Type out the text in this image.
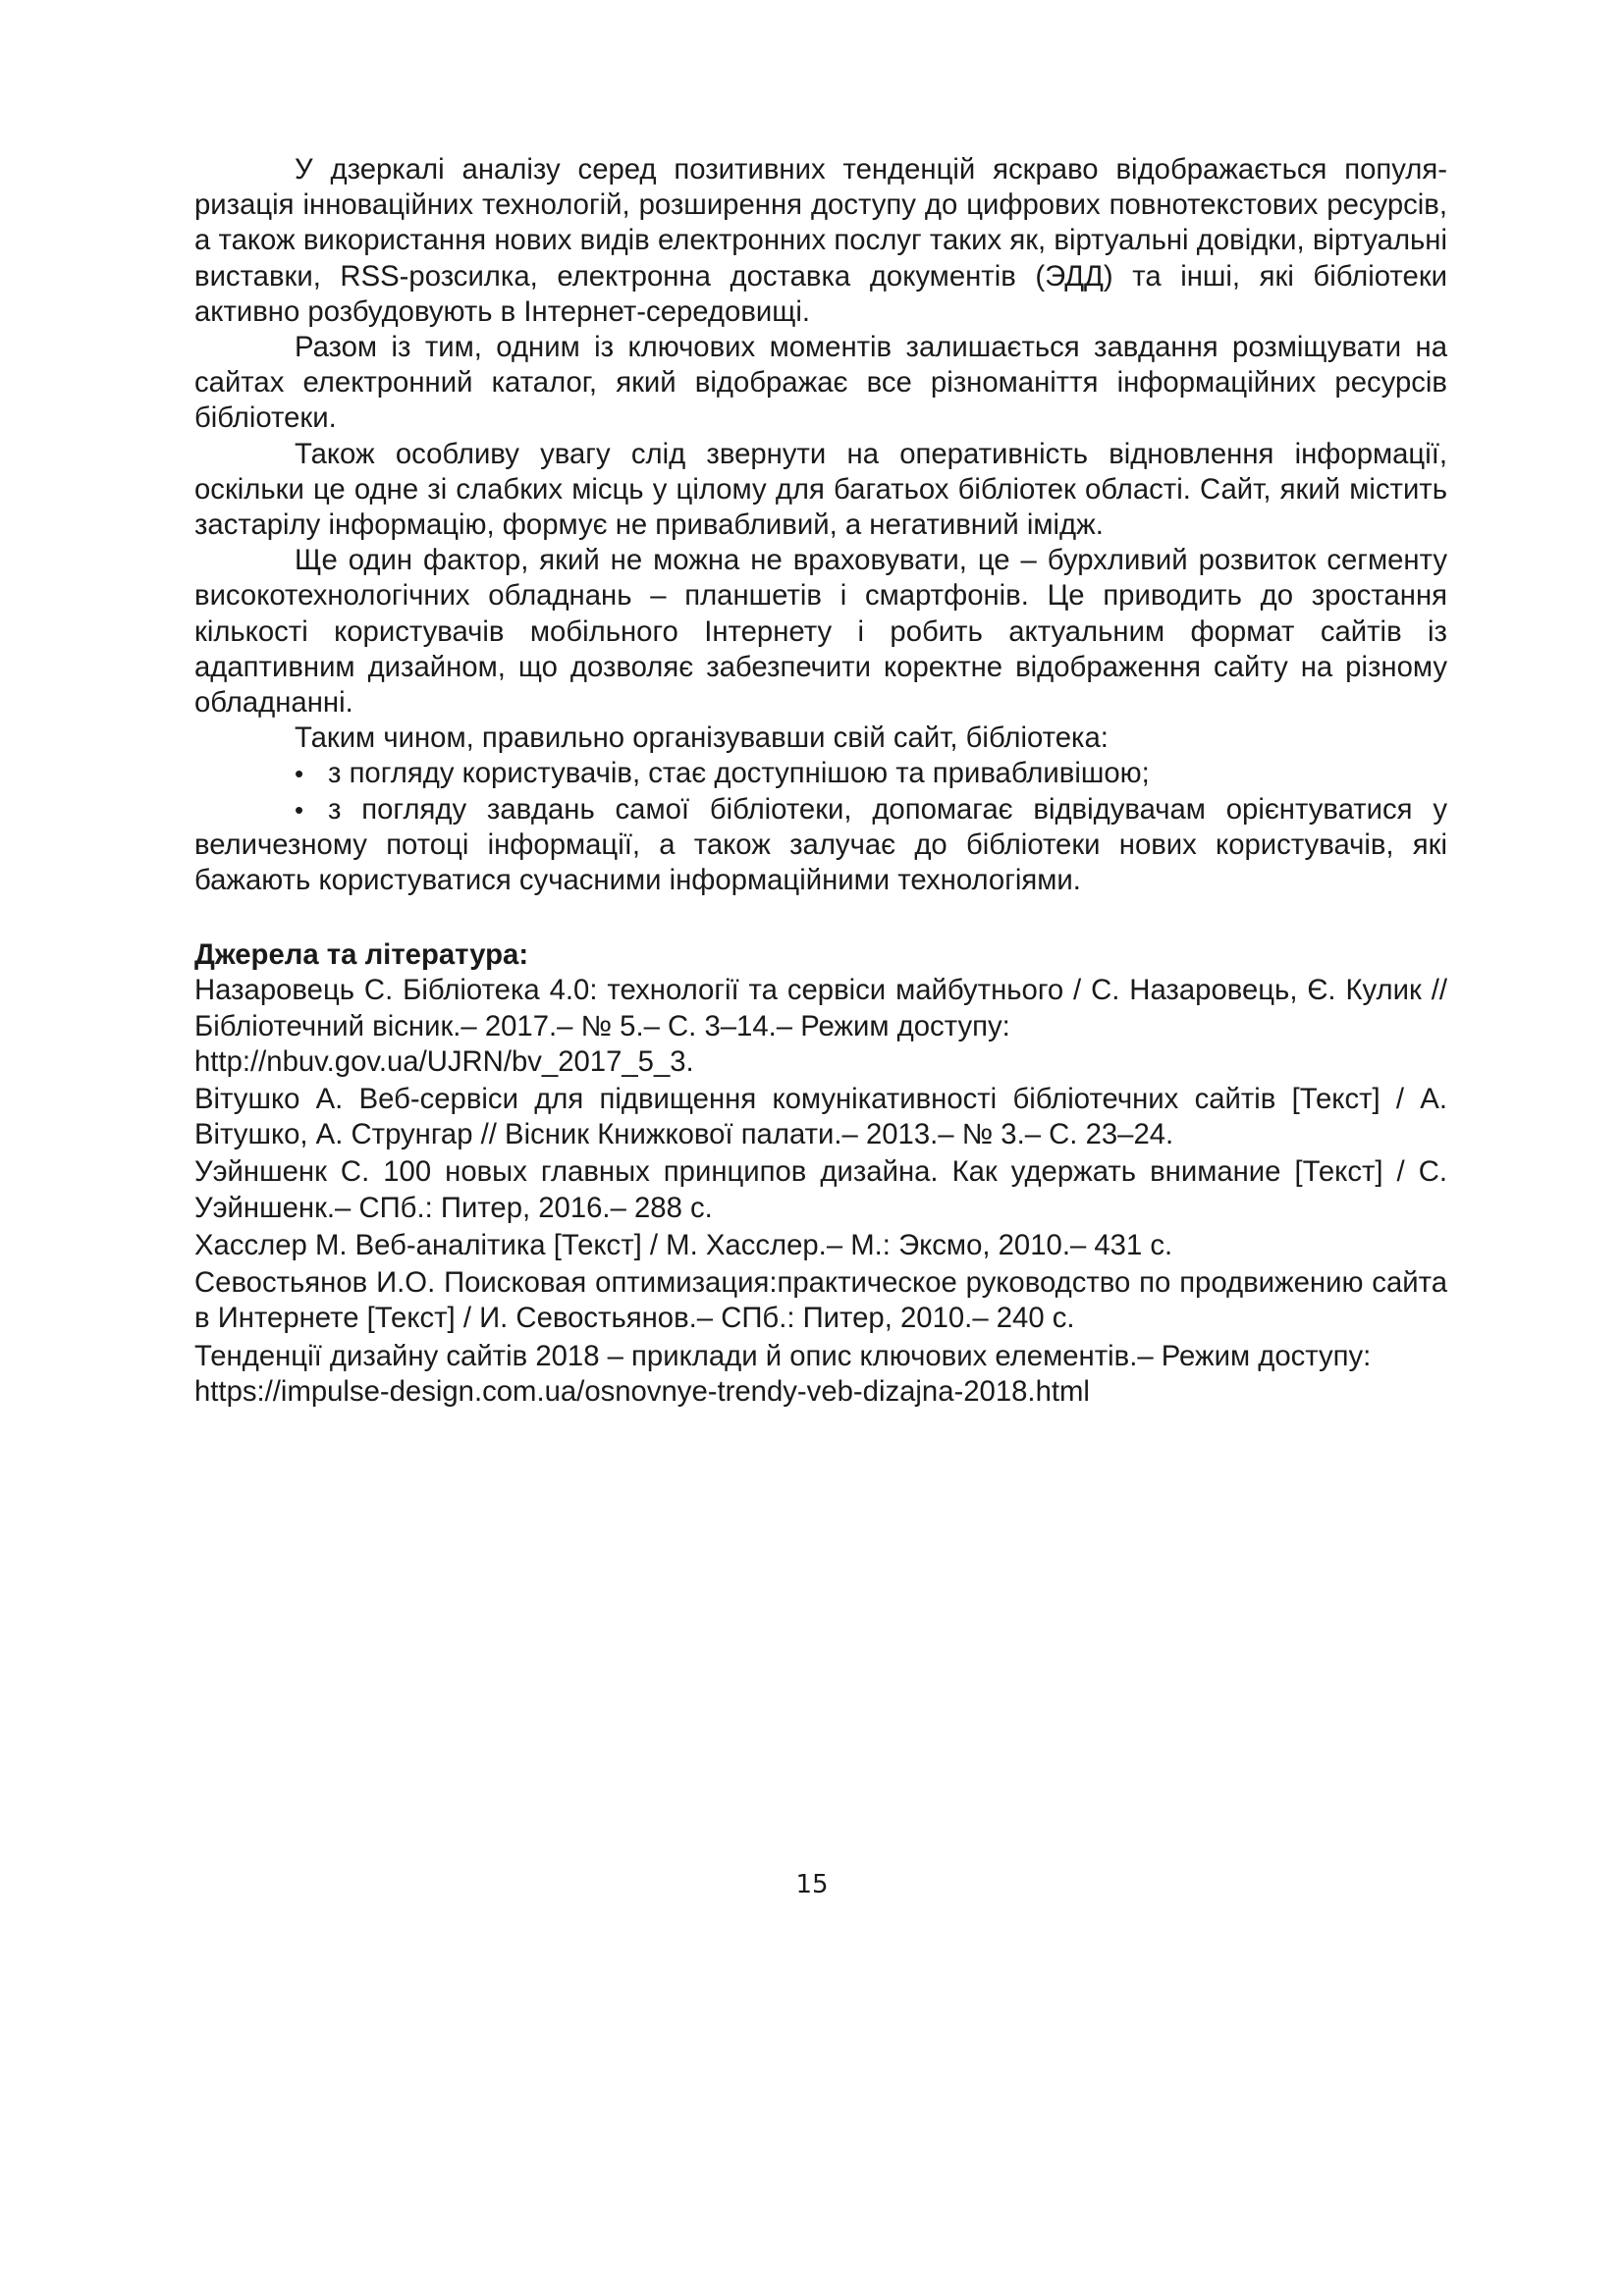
У дзеркалі аналізу серед позитивних тенденцій яскраво відображається популяризація інноваційних технологій, розширення доступу до цифрових повнотекстових ресурсів, а також використання нових видів електронних послуг таких як, віртуальні довідки, віртуальні виставки, RSS-розсилка, електронна доставка документів (ЭДД) та інші, які бібліотеки активно розбудовують в Інтернет-середовищі.

Разом із тим, одним із ключових моментів залишається завдання розміщувати на сайтах електронний каталог, який відображає все різноманіття інформаційних ресурсів бібліотеки.

Також особливу увагу слід звернути на оперативність відновлення інформації, оскільки це одне зі слабких місць у цілому для багатьох бібліотек області. Сайт, який містить застарілу інформацію, формує не привабливий, а негативний імідж.

Ще один фактор, який не можна не враховувати, це – бурхливий розвиток сегменту високотехнологічних обладнань – планшетів і смартфонів. Це приводить до зростання кількості користувачів мобільного Інтернету і робить актуальним формат сайтів із адаптивним дизайном, що дозволяє забезпечити коректне відображення сайту на різному обладнанні.

Таким чином, правильно організувавши свій сайт, бібліотека:

• з погляду користувачів, стає доступнішою та привабливішою;

• з погляду завдань самої бібліотеки, допомагає відвідувачам орієнтуватися у величезному потоці інформації, а також залучає до бібліотеки нових користувачів, які бажають користуватися сучасними інформаційними технологіями.

Джерела та література:

Назаровець С. Бібліотека 4.0: технології та сервіси майбутнього / С. Назаровець, Є. Кулик // Бібліотечний вісник.– 2017.– № 5.– С. 3–14.– Режим доступу:
http://nbuv.gov.ua/UJRN/bv_2017_5_3.

Вітушко А. Веб-сервіси для підвищення комунікативності бібліотечних сайтів [Текст] / А. Вітушко, А. Струнгар // Вісник Книжкової палати.– 2013.– № 3.– С. 23–24.

Уэйншенк С. 100 новых главных принципов дизайна. Как удержать внимание [Текст] / С. Уэйншенк.– СПб.: Питер, 2016.– 288 с.

Хасслер М. Веб-аналітика [Текст] / М. Хасслер.– М.: Эксмо, 2010.– 431 с.

Севостьянов И.О. Поисковая оптимизация:практическое руководство по продвижению сайта в Интернете [Текст] / И. Севостьянов.– СПб.: Питер, 2010.– 240 с.

Тенденції дизайну сайтів 2018 – приклади й опис ключових елементів.– Режим доступу:
https://impulse-design.com.ua/osnovnye-trendy-veb-dizajna-2018.html

15
